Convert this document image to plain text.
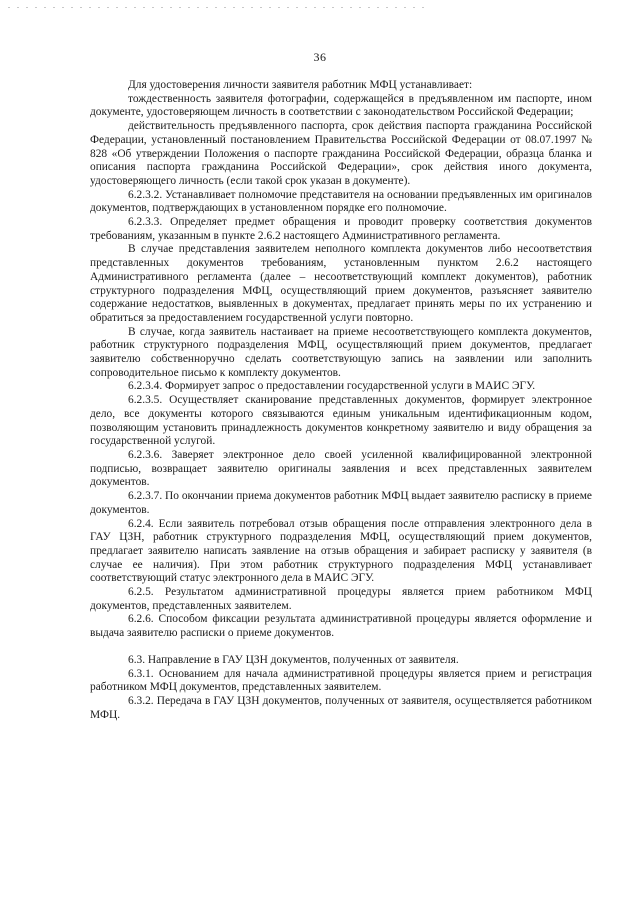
36

Для удостоверения личности заявителя работник МФЦ устанавливает:

тождественность заявителя фотографии, содержащейся в предъявленном им паспорте, ином документе, удостоверяющем личность в соответствии с законодательством Российской Федерации;

действительность предъявленного паспорта, срок действия паспорта гражданина Российской Федерации, установленный постановлением Правительства Российской Федерации от 08.07.1997 № 828 «Об утверждении Положения о паспорте гражданина Российской Федерации, образца бланка и описания паспорта гражданина Российской Федерации», срок действия иного документа, удостоверяющего личность (если такой срок указан в документе).

6.2.3.2. Устанавливает полномочие представителя на основании предъявленных им оригиналов документов, подтверждающих в установленном порядке его полномочие.

6.2.3.3. Определяет предмет обращения и проводит проверку соответствия документов требованиям, указанным в пункте 2.6.2 настоящего Административного регламента.

В случае представления заявителем неполного комплекта документов либо несоответствия представленных документов требованиям, установленным пунктом 2.6.2 настоящего Административного регламента (далее – несоответствующий комплект документов), работник структурного подразделения МФЦ, осуществляющий прием документов, разъясняет заявителю содержание недостатков, выявленных в документах, предлагает принять меры по их устранению и обратиться за предоставлением государственной услуги повторно.

В случае, когда заявитель настаивает на приеме несоответствующего комплекта документов, работник структурного подразделения МФЦ, осуществляющий прием документов, предлагает заявителю собственноручно сделать соответствующую запись на заявлении или заполнить сопроводительное письмо к комплекту документов.

6.2.3.4. Формирует запрос о предоставлении государственной услуги в МАИС ЭГУ.

6.2.3.5. Осуществляет сканирование представленных документов, формирует электронное дело, все документы которого связываются единым уникальным идентификационным кодом, позволяющим установить принадлежность документов конкретному заявителю и виду обращения за государственной услугой.

6.2.3.6. Заверяет электронное дело своей усиленной квалифицированной электронной подписью, возвращает заявителю оригиналы заявления и всех представленных заявителем документов.

6.2.3.7. По окончании приема документов работник МФЦ выдает заявителю расписку в приеме документов.

6.2.4. Если заявитель потребовал отзыв обращения после отправления электронного дела в ГАУ ЦЗН, работник структурного подразделения МФЦ, осуществляющий прием документов, предлагает заявителю написать заявление на отзыв обращения и забирает расписку у заявителя (в случае ее наличия). При этом работник структурного подразделения МФЦ устанавливает соответствующий статус электронного дела в МАИС ЭГУ.

6.2.5. Результатом административной процедуры является прием работником МФЦ документов, представленных заявителем.

6.2.6. Способом фиксации результата административной процедуры является оформление и выдача заявителю расписки о приеме документов.

6.3. Направление в ГАУ ЦЗН документов, полученных от заявителя.

6.3.1. Основанием для начала административной процедуры является прием и регистрация работником МФЦ документов, представленных заявителем.

6.3.2. Передача в ГАУ ЦЗН документов, полученных от заявителя, осуществляется работником МФЦ.
